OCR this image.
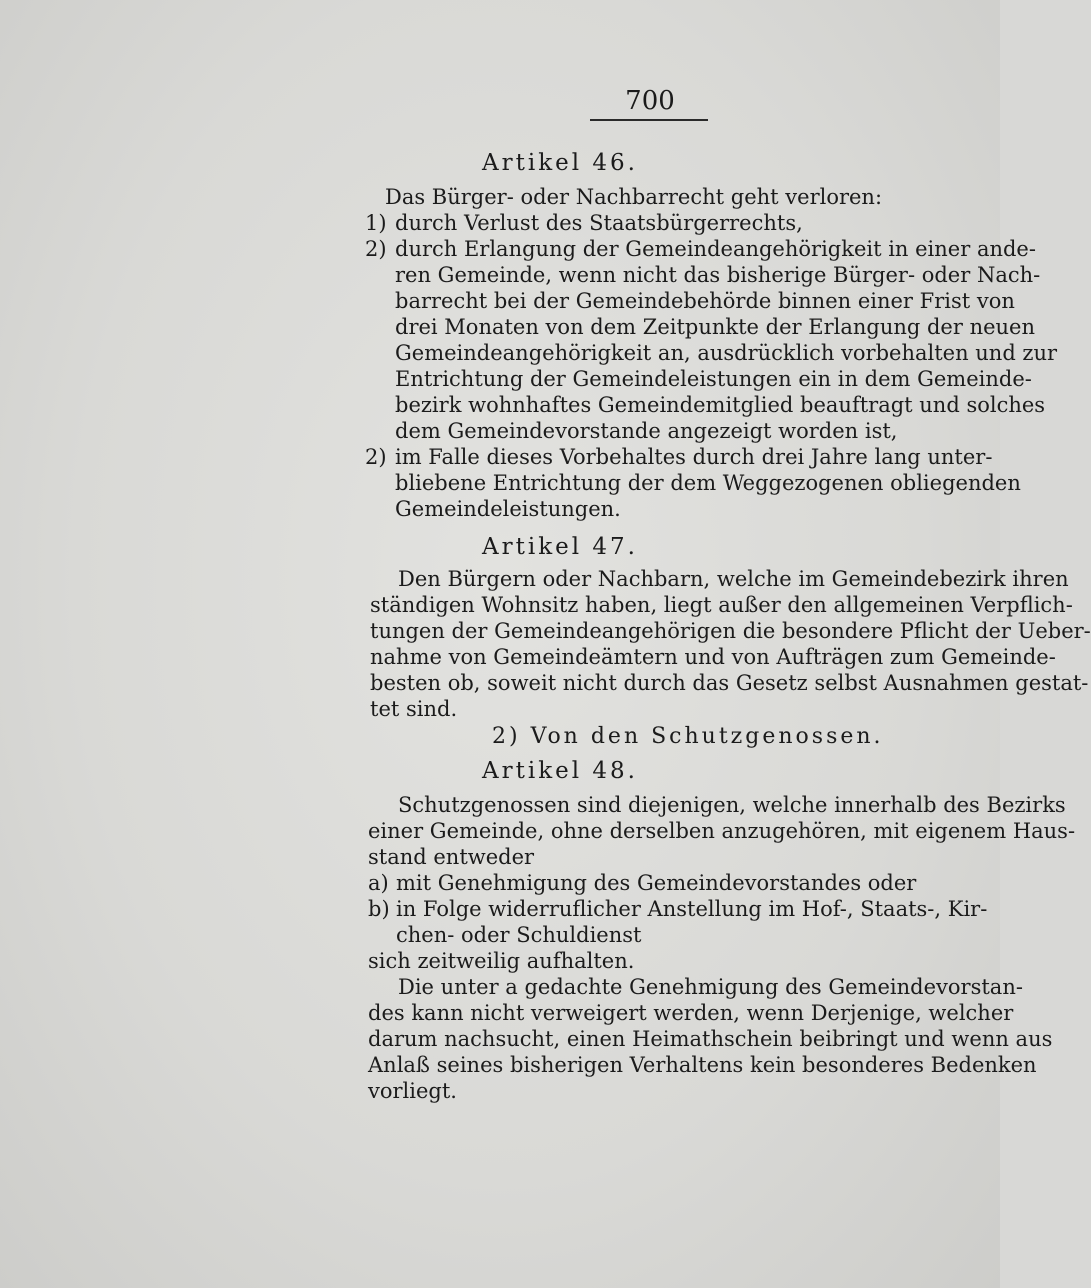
700
Artikel 46.
Das Bürger- oder Nachbarrecht geht verloren:
1) durch Verlust des Staatsbürgerrechts,
2) durch Erlangung der Gemeindeangehörigkeit in einer ande-
ren Gemeinde, wenn nicht das bisherige Bürger- oder Nach-
barrecht bei der Gemeindebehörde binnen einer Frist von
drei Monaten von dem Zeitpunkte der Erlangung der neuen
Gemeindeangehörigkeit an, ausdrücklich vorbehalten und zur
Entrichtung der Gemeindeleistungen ein in dem Gemeinde-
bezirk wohnhaftes Gemeindemitglied beauftragt und solches
dem Gemeindevorstande angezeigt worden ist,
2) im Falle dieses Vorbehaltes durch drei Jahre lang unter-
bliebene Entrichtung der dem Weggezogenen obliegenden
Gemeindeleistungen.
Artikel 47.
Den Bürgern oder Nachbarn, welche im Gemeindebezirk ihren
ständigen Wohnsitz haben, liegt außer den allgemeinen Verpflich-
tungen der Gemeindeangehörigen die besondere Pflicht der Ueber-
nahme von Gemeindeämtern und von Aufträgen zum Gemeinde-
besten ob, soweit nicht durch das Gesetz selbst Ausnahmen gestat-
tet sind.
2) Von den Schutzgenossen.
Artikel 48.
Schutzgenossen sind diejenigen, welche innerhalb des Bezirks
einer Gemeinde, ohne derselben anzugehören, mit eigenem Haus-
stand entweder
a) mit Genehmigung des Gemeindevorstandes oder
b) in Folge widerruflicher Anstellung im Hof-, Staats-, Kir-
chen- oder Schuldienst
sich zeitweilig aufhalten.
Die unter a gedachte Genehmigung des Gemeindevorstan-
des kann nicht verweigert werden, wenn Derjenige, welcher
darum nachsucht, einen Heimathschein beibringt und wenn aus
Anlaß seines bisherigen Verhaltens kein besonderes Bedenken
vorliegt.
